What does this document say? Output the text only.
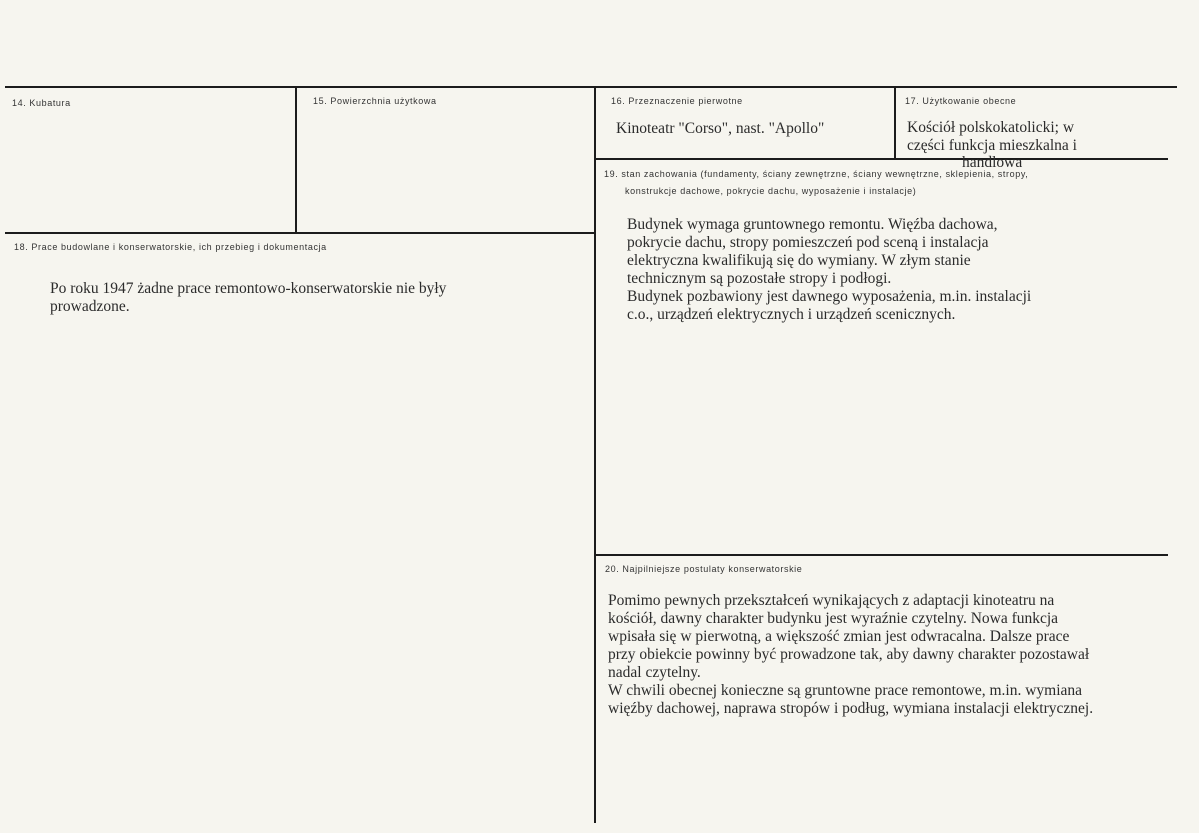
14. Kubatura	15. Powierzchnia użytkowa	16. Przeznaczenie pierwotne

Kinoteatr "Corso", nast. "Apollo"

17. Użytkowanie obecne

Kościół polskokatolicki; w

części funkcja mieszkalna i

handlowa

18. Prace budowlane i konserwatorskie, ich przebieg i dokumentacja

Po roku 1947 żadne prace remontowo-konserwatorskie nie były

prowadzone.

19. stan zachowania (fundamenty, ściany zewnętrzne, ściany wewnętrzne, sklepienia, stropy,
konstrukcje dachowe, pokrycie dachu, wyposażenie i instalacje)

Budynek wymaga gruntownego remontu. Więźba dachowa,

pokrycie dachu, stropy pomieszczeń pod sceną i instalacja

elektryczna kwalifikują się do wymiany. W złym stanie

technicznym są pozostałe stropy i podłogi.

Budynek pozbawiony jest dawnego wyposażenia, m.in. instalacji

c.o., urządzeń elektrycznych i urządzeń scenicznych.

20. Najpilniejsze postulaty konserwatorskie

Pomimo pewnych przekształceń wynikających z adaptacji kinoteatru na

kościół, dawny charakter budynku jest wyraźnie czytelny. Nowa funkcja

wpisała się w pierwotną, a większość zmian jest odwracalna. Dalsze prace

przy obiekcie powinny być prowadzone tak, aby dawny charakter pozostawał

nadal czytelny.

W chwili obecnej konieczne są gruntowne prace remontowe, m.in. wymiana

więźby dachowej, naprawa stropów i podług, wymiana instalacji elektrycznej.
